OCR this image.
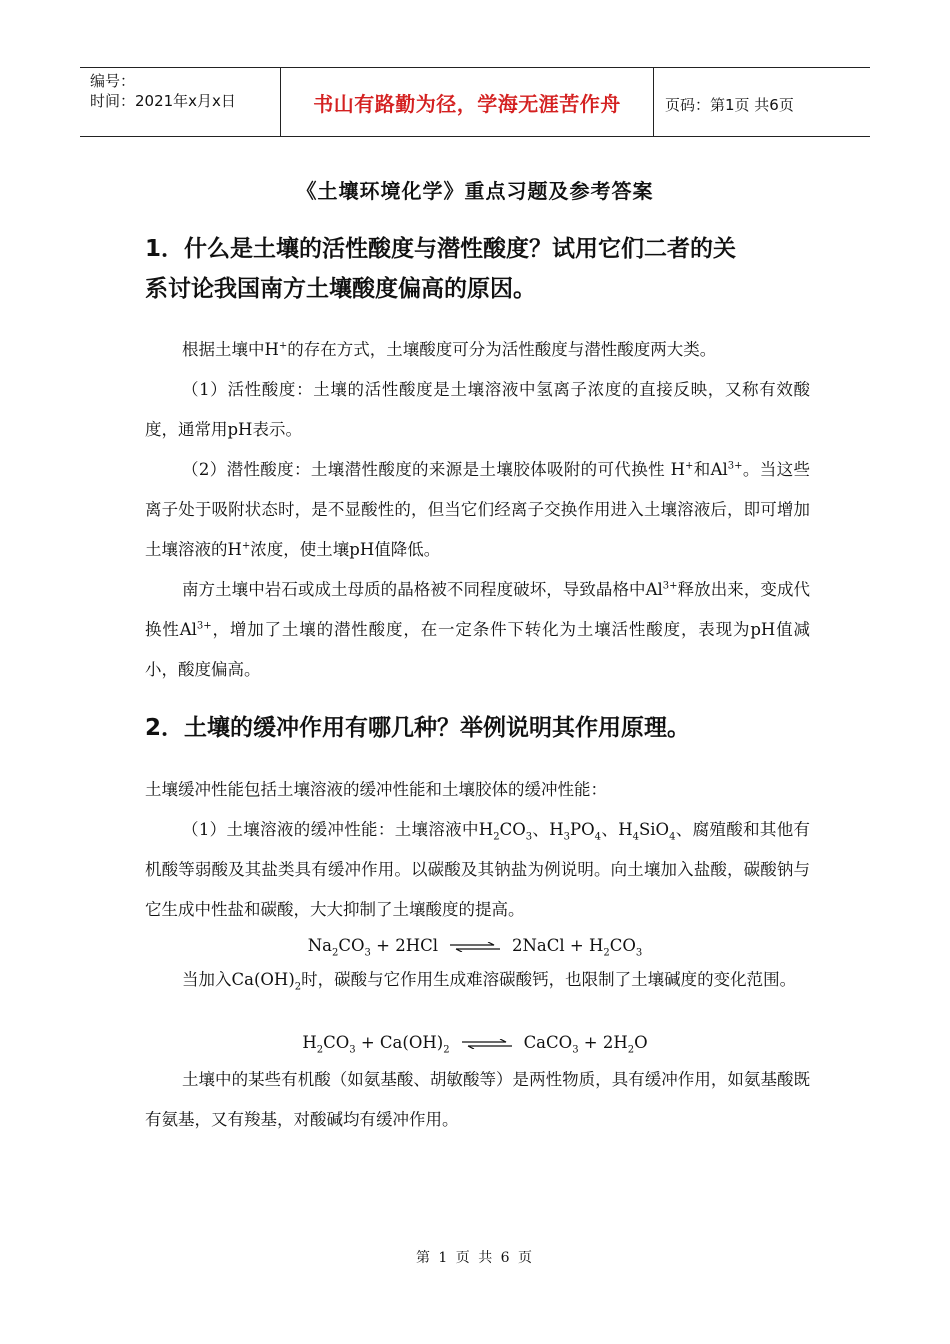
编号：
时间：2021年x月x日	书山有路勤为径，学海无涯苦作舟	页码：第1页 共6页
《土壤环境化学》重点习题及参考答案
1．什么是土壤的活性酸度与潜性酸度？试用它们二者的关
系讨论我国南方土壤酸度偏高的原因。
根据土壤中H+的存在方式，土壤酸度可分为活性酸度与潜性酸度两大类。
（1）活性酸度：土壤的活性酸度是土壤溶液中氢离子浓度的直接反映，又称有效酸度，通常用pH表示。
（2）潜性酸度：土壤潜性酸度的来源是土壤胶体吸附的可代换性 H+和$Al^{3+}$。当这些离子处于吸附状态时，是不显酸性的，但当它们经离子交换作用进入土壤溶液后，即可增加土壤溶液的H+浓度，使土壤pH值降低。
南方土壤中岩石或成土母质的晶格被不同程度破坏，导致晶格中$Al^{3+}$释放出来，变成代换性$Al^{3+}$，增加了土壤的潜性酸度，在一定条件下转化为土壤活性酸度，表现为pH值减小，酸度偏高。
2．土壤的缓冲作用有哪几种？举例说明其作用原理。
土壤缓冲性能包括土壤溶液的缓冲性能和土壤胶体的缓冲性能：
（1）土壤溶液的缓冲性能：土壤溶液中$H_2CO_3$、$H_3PO_4$、$H_4SiO_4$、腐殖酸和其他有机酸等弱酸及其盐类具有缓冲作用。以碳酸及其钠盐为例说明。向土壤加入盐酸，碳酸钠与它生成中性盐和碳酸，大大抑制了土壤酸度的提高。
$Na_2CO_3 + 2HCl$ ⇌ 2NaCl + $H_2CO_3$
当加入$Ca(OH)_2$时，碳酸与它作用生成难溶碳酸钙，也限制了土壤碱度的变化范围。
$H_2CO_3 + Ca(OH)_2$ ⇌ CaCO$_3$ + $2H_2O$
土壤中的某些有机酸（如氨基酸、胡敏酸等）是两性物质，具有缓冲作用，如氨基酸既有氨基，又有羧基，对酸碱均有缓冲作用。
第 1 页 共 6 页
